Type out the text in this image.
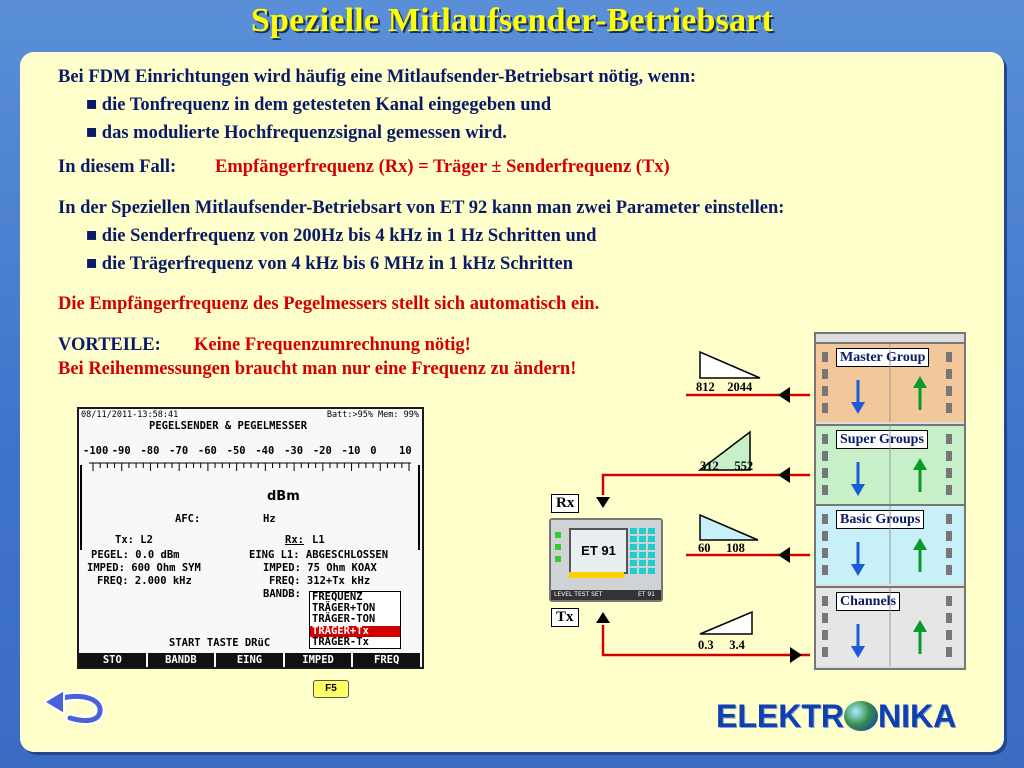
Spezielle Mitlaufsender-Betriebsart
Bei FDM Einrichtungen wird häufig eine Mitlaufsender-Betriebsart nötig, wenn:
■ die Tonfrequenz in dem getesteten Kanal eingegeben und
■ das modulierte Hochfrequenzsignal gemessen wird.
In diesem Fall: Empfängerfrequenz (Rx) = Träger ± Senderfrequenz (Tx)
In der Speziellen Mitlaufsender-Betriebsart von ET 92 kann man zwei Parameter einstellen:
■ die Senderfrequenz von 200Hz bis 4 kHz in 1 Hz Schritten und
■ die Trägerfrequenz von 4 kHz bis 6 MHz in 1 kHz Schritten
Die Empfängerfrequenz des Pegelmessers stellt sich automatisch ein.
VORTEILE: Keine Frequenzumrechnung nötig!
Bei Reihenmessungen braucht man nur eine Frequenz zu ändern!
08/11/2011-13:58:41	Batt:>95% Mem: 99%
PEGELSENDER & PEGELMESSER
-100 -90 -80 -70 -60 -50 -40 -30 -20 -10 0 10
dBm
AFC:	Hz
Tx: L2	Rx: L1
PEGEL: 0.0 dBm
IMPED: 600 Ohm SYM
FREQ: 2.000 kHz
EING L1: ABGESCHLOSSEN
IMPED: 75 Ohm KOAX
FREQ: 312+Tx kHz
BANDB: FREQUENZ
TRÄGER+TON
TRÄGER-TON
TRÄGER+Tx
TRÄGER-Tx
START TASTE DRüC
STO	BANDB	EING	IMPED	FREQ
F5
812 2044
312 552
60 108
0.3 3.4
Rx
Tx
ET 91
LEVEL TEST SET	ET 91
Master Group
Super Groups
Basic Groups
Channels
ELEKTR NIKA
